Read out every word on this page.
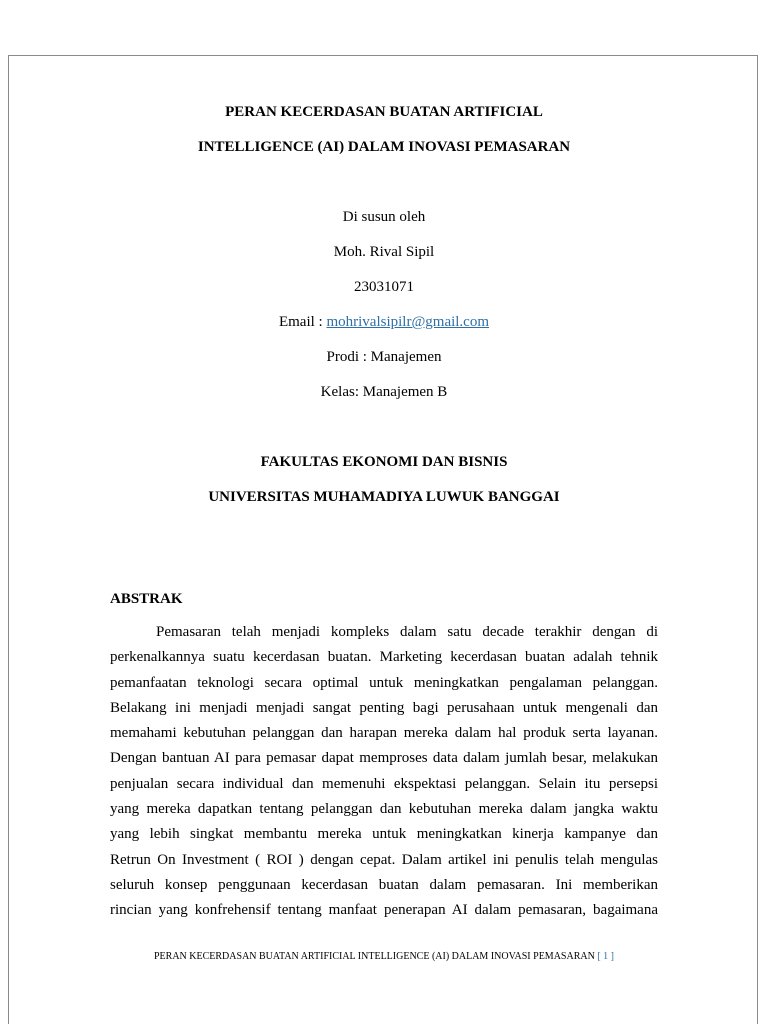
PERAN KECERDASAN BUATAN ARTIFICIAL
INTELLIGENCE (AI) DALAM INOVASI PEMASARAN
Di susun oleh
Moh. Rival Sipil
23031071
Email : mohrivalsipilr@gmail.com
Prodi : Manajemen
Kelas: Manajemen B
FAKULTAS EKONOMI DAN BISNIS
UNIVERSITAS MUHAMADIYA LUWUK BANGGAI
ABSTRAK
Pemasaran telah menjadi kompleks dalam satu decade terakhir dengan di
perkenalkannya suatu kecerdasan buatan. Marketing kecerdasan buatan adalah tehnik
pemanfaatan teknologi secara optimal untuk meningkatkan pengalaman pelanggan.
Belakang ini menjadi menjadi sangat penting bagi perusahaan untuk mengenali dan
memahami kebutuhan pelanggan dan harapan mereka dalam hal produk serta layanan.
Dengan bantuan AI para pemasar dapat memproses data dalam jumlah besar, melakukan
penjualan secara individual dan memenuhi ekspektasi pelanggan. Selain itu persepsi
yang mereka dapatkan tentang pelanggan dan kebutuhan mereka dalam jangka waktu
yang lebih singkat membantu mereka untuk meningkatkan kinerja kampanye dan
Retrun On Investment ( ROI ) dengan cepat. Dalam artikel ini penulis telah mengulas
seluruh konsep penggunaan kecerdasan buatan dalam pemasaran. Ini memberikan
rincian yang konfrehensif tentang manfaat penerapan AI dalam pemasaran, bagaimana
PERAN KECERDASAN BUATAN ARTIFICIAL INTELLIGENCE (AI) DALAM INOVASI PEMASARAN [ 1 ]
